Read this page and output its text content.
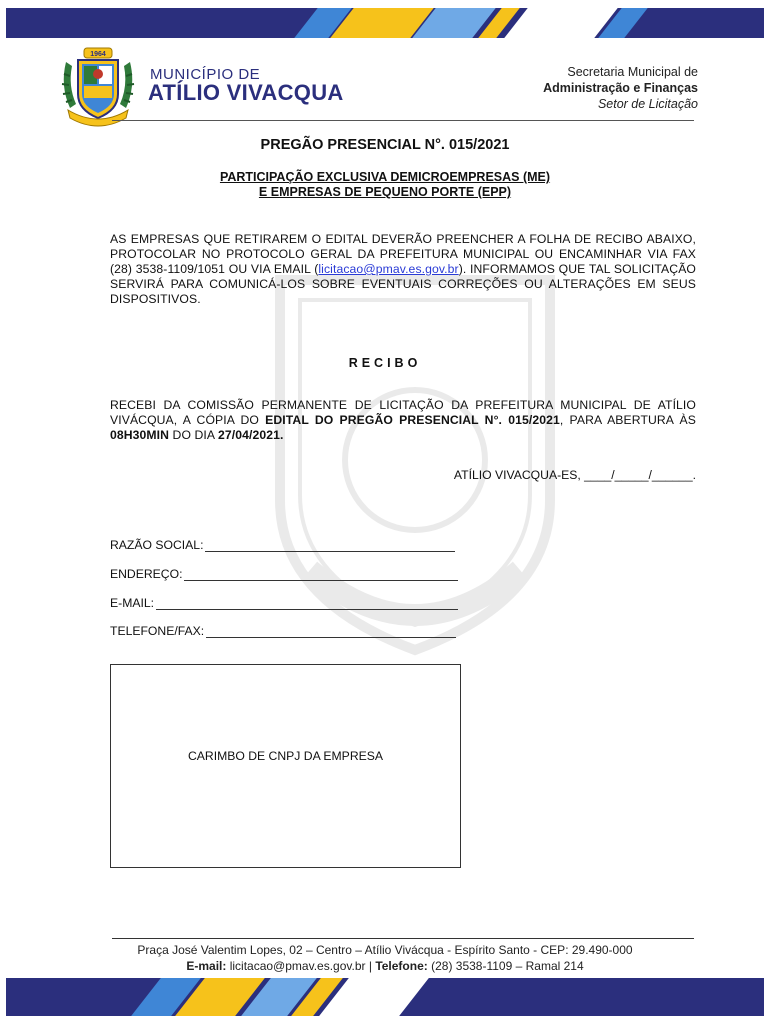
1964
MUNICÍPIO DE
ATÍLIO VIVACQUA
Secretaria Municipal de
Administração e Finanças
Setor de Licitação
PREGÃO PRESENCIAL N°. 015/2021
PARTICIPAÇÃO EXCLUSIVA DEMICROEMPRESAS (ME)
E EMPRESAS DE PEQUENO PORTE (EPP)
AS EMPRESAS QUE RETIRAREM O EDITAL DEVERÃO PREENCHER A FOLHA DE RECIBO ABAIXO, PROTOCOLAR NO PROTOCOLO GERAL DA PREFEITURA MUNICIPAL OU ENCAMINHAR VIA FAX (28) 3538-1109/1051 OU VIA EMAIL (licitacao@pmav.es.gov.br). INFORMAMOS QUE TAL SOLICITAÇÃO SERVIRÁ PARA COMUNICÁ-LOS SOBRE EVENTUAIS CORREÇÕES OU ALTERAÇÕES EM SEUS DISPOSITIVOS.
RECIBO
RECEBI DA COMISSÃO PERMANENTE DE LICITAÇÃO DA PREFEITURA MUNICIPAL DE ATÍLIO VIVÁCQUA, A CÓPIA DO EDITAL DO PREGÃO PRESENCIAL N°. 015/2021, PARA ABERTURA ÀS 08H30MIN DO DIA 27/04/2021.
ATÍLIO VIVACQUA-ES, ____/_____/______.
RAZÃO SOCIAL:
ENDEREÇO:
E-MAIL:
TELEFONE/FAX:
CARIMBO DE CNPJ DA EMPRESA
Praça José Valentim Lopes, 02 – Centro – Atílio Vivácqua - Espírito Santo - CEP: 29.490-000
E-mail: licitacao@pmav.es.gov.br | Telefone: (28) 3538-1109 – Ramal 214
